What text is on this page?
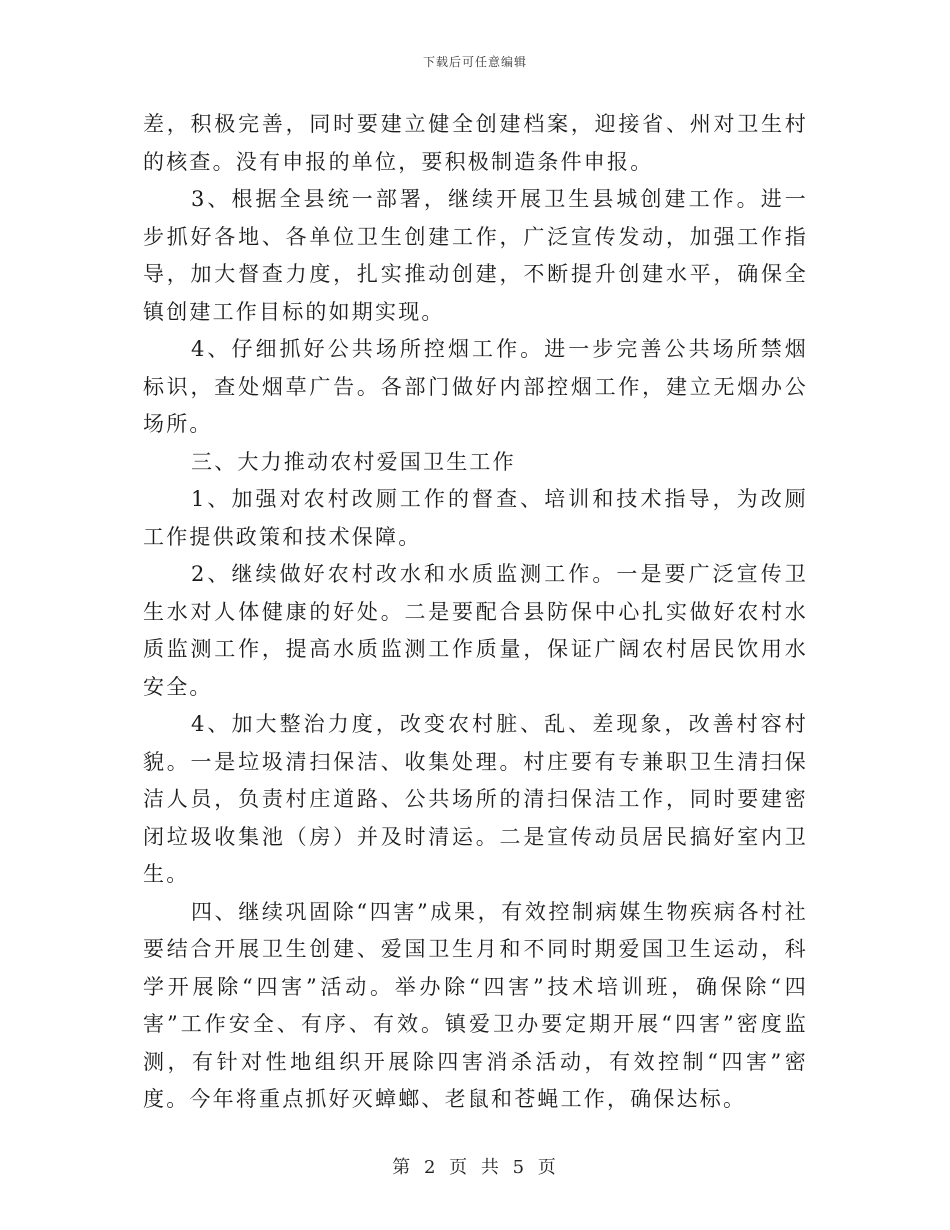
下载后可任意编辑

差，积极完善，同时要建立健全创建档案，迎接省、州对卫生村的核查。没有申报的单位，要积极制造条件申报。

3、根据全县统一部署，继续开展卫生县城创建工作。进一步抓好各地、各单位卫生创建工作，广泛宣传发动，加强工作指导，加大督查力度，扎实推动创建，不断提升创建水平，确保全镇创建工作目标的如期实现。

4、仔细抓好公共场所控烟工作。进一步完善公共场所禁烟标识，查处烟草广告。各部门做好内部控烟工作，建立无烟办公场所。

三、大力推动农村爱国卫生工作

1、加强对农村改厕工作的督查、培训和技术指导，为改厕工作提供政策和技术保障。

2、继续做好农村改水和水质监测工作。一是要广泛宣传卫生水对人体健康的好处。二是要配合县防保中心扎实做好农村水质监测工作，提高水质监测工作质量，保证广阔农村居民饮用水安全。

4、加大整治力度，改变农村脏、乱、差现象，改善村容村貌。一是垃圾清扫保洁、收集处理。村庄要有专兼职卫生清扫保洁人员，负责村庄道路、公共场所的清扫保洁工作，同时要建密闭垃圾收集池（房）并及时清运。二是宣传动员居民搞好室内卫生。

四、继续巩固除“四害”成果，有效控制病媒生物疾病各村社要结合开展卫生创建、爱国卫生月和不同时期爱国卫生运动，科学开展除“四害”活动。举办除“四害”技术培训班，确保除“四害”工作安全、有序、有效。镇爱卫办要定期开展“四害”密度监测，有针对性地组织开展除四害消杀活动，有效控制“四害”密度。今年将重点抓好灭蟑螂、老鼠和苍蝇工作，确保达标。

第 2 页 共 5 页
